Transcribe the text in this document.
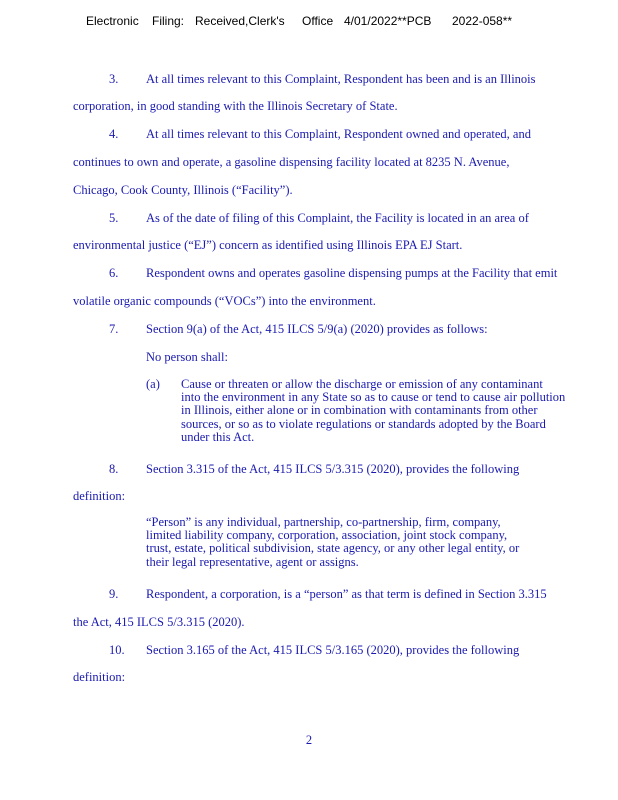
Electronic Filing: Received,Clerk's Office 4/01/2022**PCB 2022-058**
3. At all times relevant to this Complaint, Respondent has been and is an Illinois
corporation, in good standing with the Illinois Secretary of State.
4. At all times relevant to this Complaint, Respondent owned and operated, and
continues to own and operate, a gasoline dispensing facility located at 8235 N. Avenue,
Chicago, Cook County, Illinois (“Facility”).
5. As of the date of filing of this Complaint, the Facility is located in an area of
environmental justice (“EJ”) concern as identified using Illinois EPA EJ Start.
6. Respondent owns and operates gasoline dispensing pumps at the Facility that emit
volatile organic compounds (“VOCs”) into the environment.
7. Section 9(a) of the Act, 415 ILCS 5/9(a) (2020) provides as follows:
No person shall:
(a) Cause or threaten or allow the discharge or emission of any contaminant
into the environment in any State so as to cause or tend to cause air pollution
in Illinois, either alone or in combination with contaminants from other
sources, or so as to violate regulations or standards adopted by the Board
under this Act.
8. Section 3.315 of the Act, 415 ILCS 5/3.315 (2020), provides the following
definition:
“Person” is any individual, partnership, co-partnership, firm, company,
limited liability company, corporation, association, joint stock company,
trust, estate, political subdivision, state agency, or any other legal entity, or
their legal representative, agent or assigns.
9. Respondent, a corporation, is a “person” as that term is defined in Section 3.315
the Act, 415 ILCS 5/3.315 (2020).
10. Section 3.165 of the Act, 415 ILCS 5/3.165 (2020), provides the following
definition:
2
